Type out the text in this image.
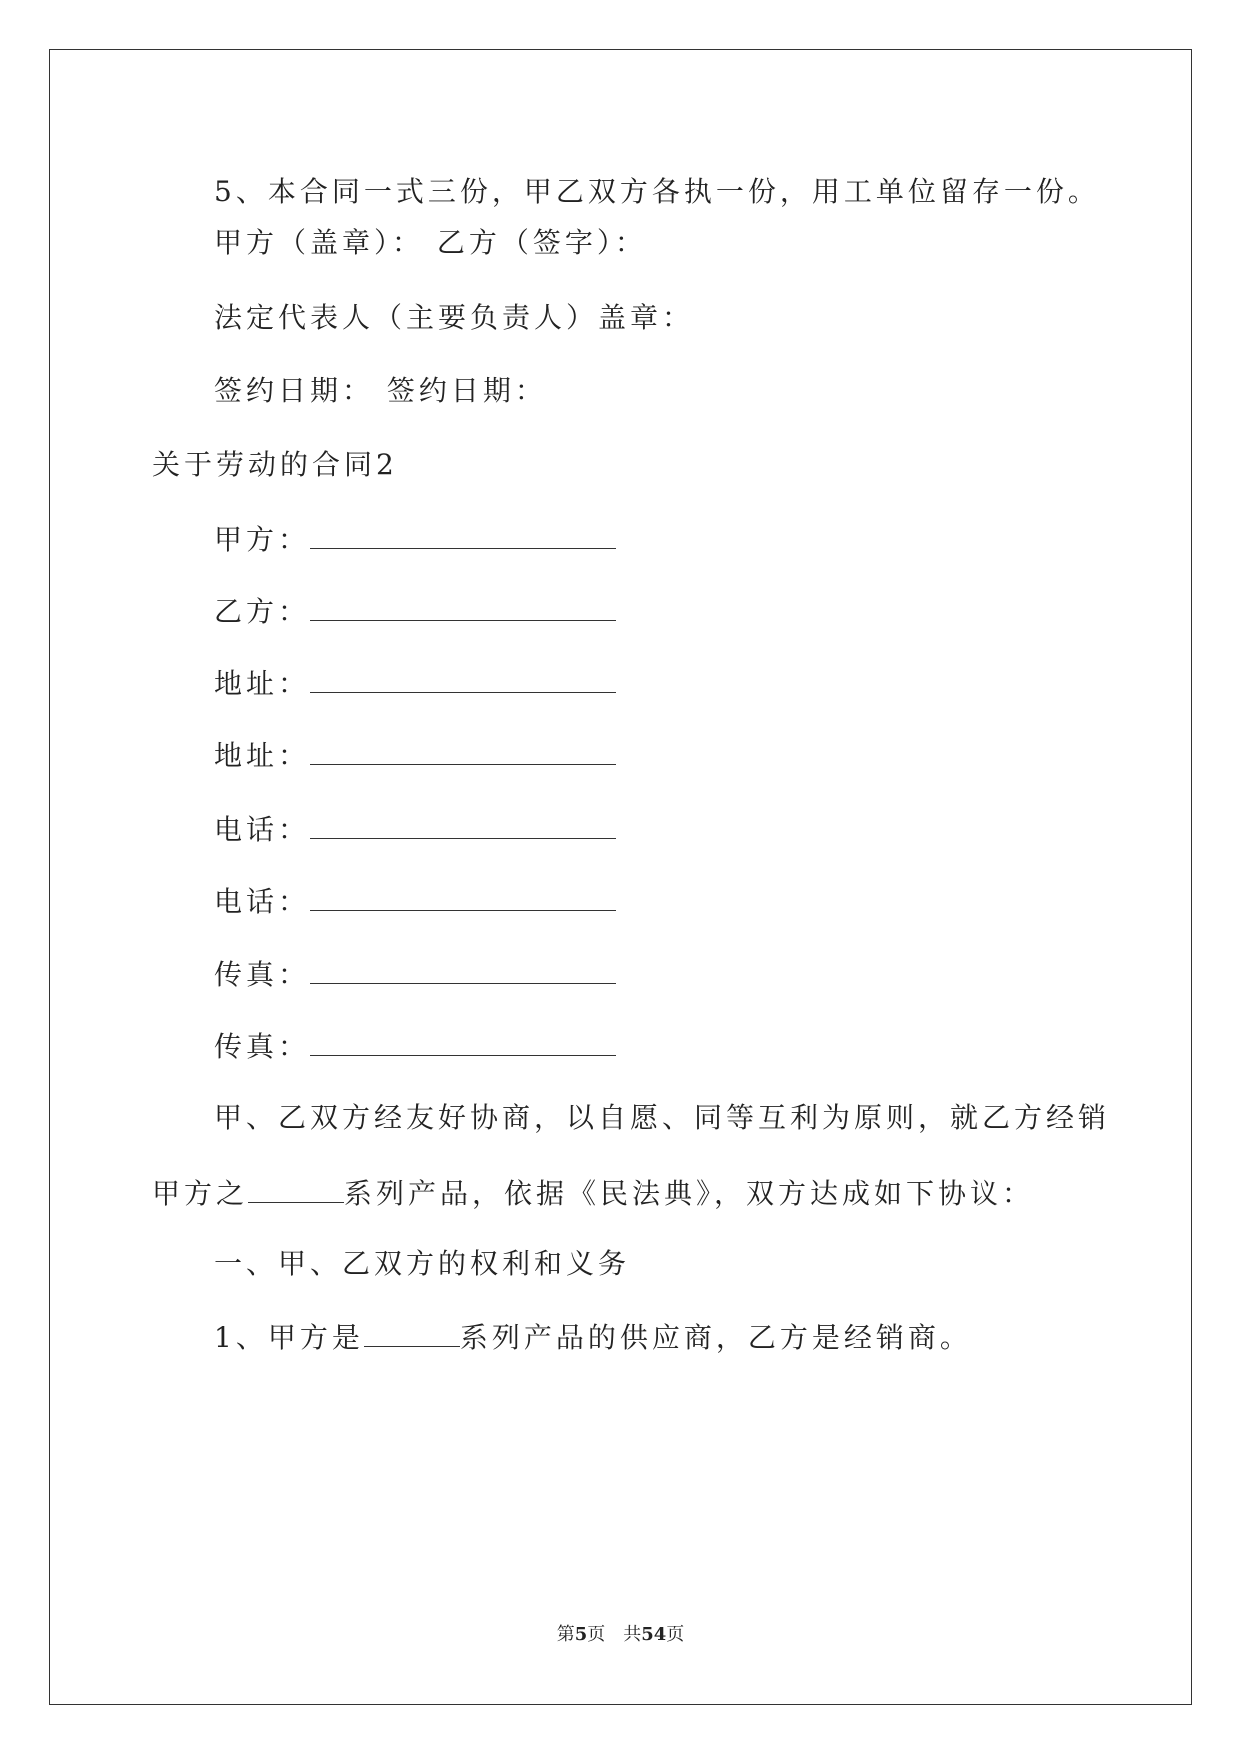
5、本合同一式三份，甲乙双方各执一份，用工单位留存一份。
甲方（盖章）： 乙方（签字）：
法定代表人（主要负责人）盖章：
签约日期： 签约日期：
关于劳动的合同2
甲方：
乙方：
地址：
地址：
电话：
电话：
传真：
传真：
甲、乙双方经友好协商，以自愿、同等互利为原则，就乙方经销
甲方之	系列产品，依据《民法典》，双方达成如下协议：
一、甲、乙双方的权利和义务
1、甲方是	系列产品的供应商，乙方是经销商。
第5页　共54页
